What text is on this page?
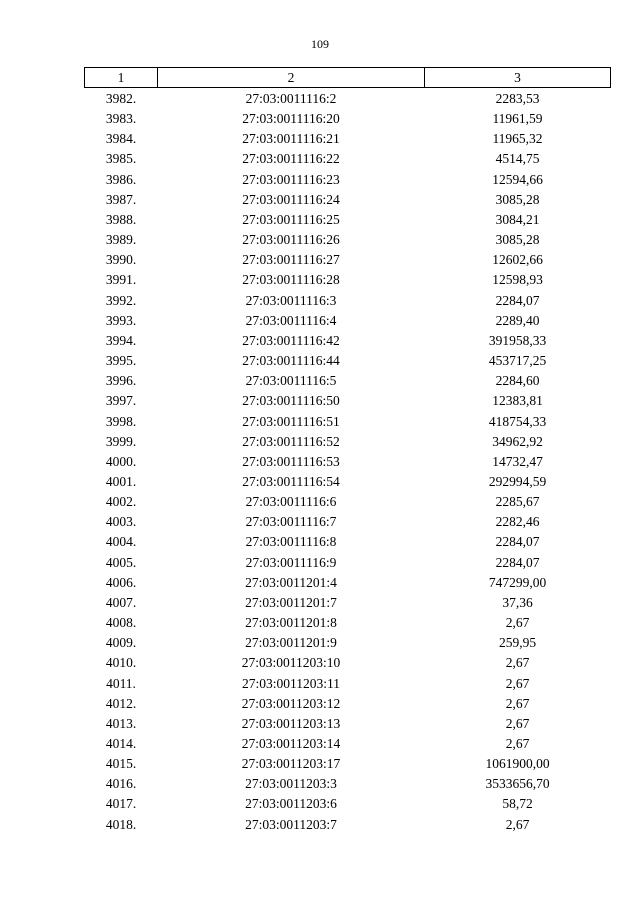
109
1	2	3
3982.	27:03:0011116:2	2283,53
3983.	27:03:0011116:20	11961,59
3984.	27:03:0011116:21	11965,32
3985.	27:03:0011116:22	4514,75
3986.	27:03:0011116:23	12594,66
3987.	27:03:0011116:24	3085,28
3988.	27:03:0011116:25	3084,21
3989.	27:03:0011116:26	3085,28
3990.	27:03:0011116:27	12602,66
3991.	27:03:0011116:28	12598,93
3992.	27:03:0011116:3	2284,07
3993.	27:03:0011116:4	2289,40
3994.	27:03:0011116:42	391958,33
3995.	27:03:0011116:44	453717,25
3996.	27:03:0011116:5	2284,60
3997.	27:03:0011116:50	12383,81
3998.	27:03:0011116:51	418754,33
3999.	27:03:0011116:52	34962,92
4000.	27:03:0011116:53	14732,47
4001.	27:03:0011116:54	292994,59
4002.	27:03:0011116:6	2285,67
4003.	27:03:0011116:7	2282,46
4004.	27:03:0011116:8	2284,07
4005.	27:03:0011116:9	2284,07
4006.	27:03:0011201:4	747299,00
4007.	27:03:0011201:7	37,36
4008.	27:03:0011201:8	2,67
4009.	27:03:0011201:9	259,95
4010.	27:03:0011203:10	2,67
4011.	27:03:0011203:11	2,67
4012.	27:03:0011203:12	2,67
4013.	27:03:0011203:13	2,67
4014.	27:03:0011203:14	2,67
4015.	27:03:0011203:17	1061900,00
4016.	27:03:0011203:3	3533656,70
4017.	27:03:0011203:6	58,72
4018.	27:03:0011203:7	2,67
